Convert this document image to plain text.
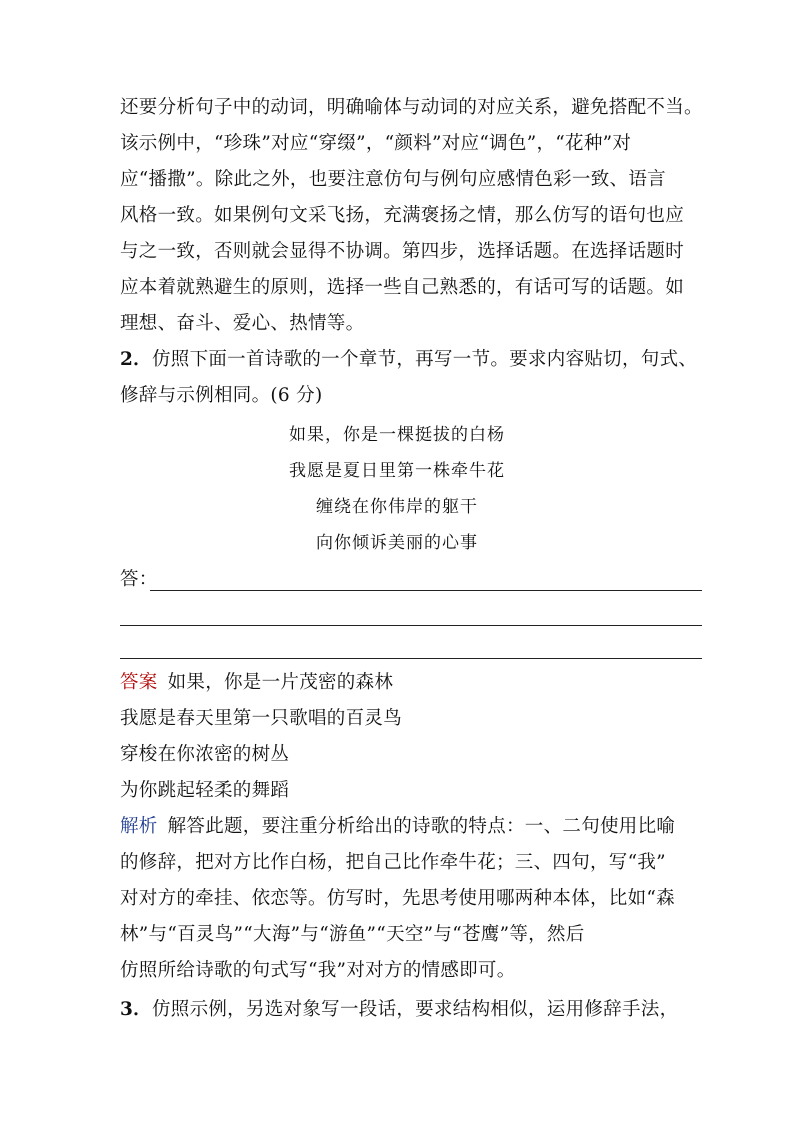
还要分析句子中的动词，明确喻体与动词的对应关系，避免搭配不当。
该示例中，“珍珠”对应“穿缀”，“颜料”对应“调色”，“花种”对
应“播撒”。除此之外，也要注意仿句与例句应感情色彩一致、语言
风格一致。如果例句文采飞扬，充满褒扬之情，那么仿写的语句也应
与之一致，否则就会显得不协调。第四步，选择话题。在选择话题时
应本着就熟避生的原则，选择一些自己熟悉的，有话可写的话题。如
理想、奋斗、爱心、热情等。
2．仿照下面一首诗歌的一个章节，再写一节。要求内容贴切，句式、
修辞与示例相同。(6 分)
如果，你是一棵挺拔的白杨
我愿是夏日里第一株牵牛花
缠绕在你伟岸的躯干
向你倾诉美丽的心事
答：
答案 如果，你是一片茂密的森林
我愿是春天里第一只歌唱的百灵鸟
穿梭在你浓密的树丛
为你跳起轻柔的舞蹈
解析 解答此题，要注重分析给出的诗歌的特点：一、二句使用比喻
的修辞，把对方比作白杨，把自己比作牵牛花；三、四句，写“我”
对对方的牵挂、依恋等。仿写时，先思考使用哪两种本体，比如“森
林”与“百灵鸟”“大海”与“游鱼”“天空”与“苍鹰”等，然后
仿照所给诗歌的句式写“我”对对方的情感即可。
3．仿照示例，另选对象写一段话，要求结构相似，运用修辞手法，
